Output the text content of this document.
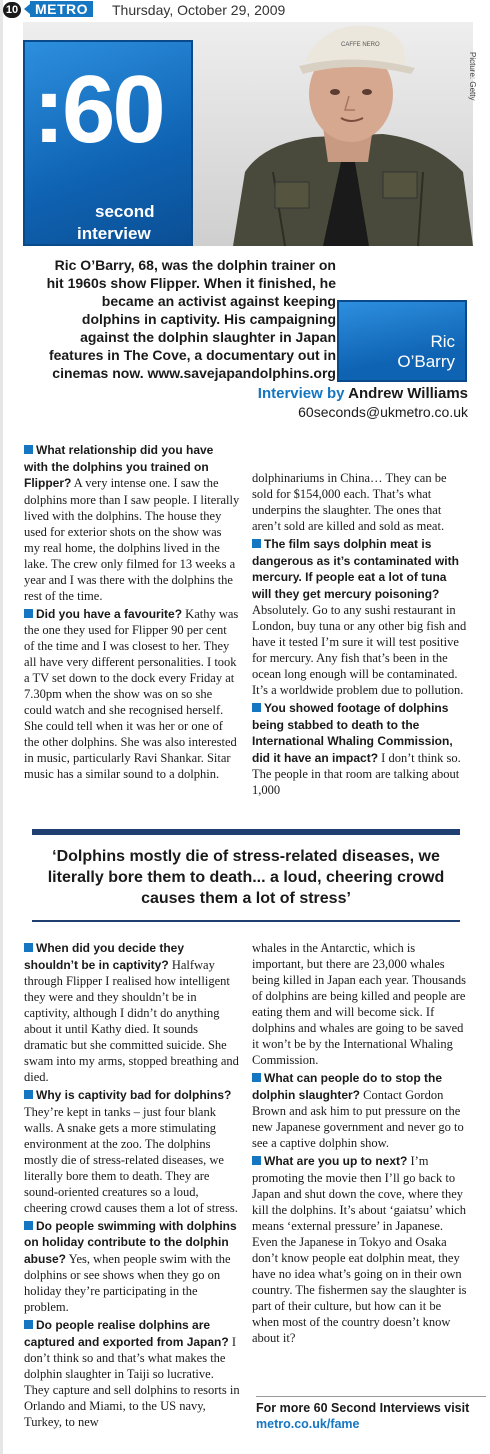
10	METRO	Thursday, October 29, 2009
CAFFE NERO
:60
second
interview
Picture: Getty
Ric O’Barry, 68, was the dolphin trainer on hit 1960s show Flipper. When it finished, he became an activist against keeping dolphins in captivity. His campaigning against the dolphin slaughter in Japan features in The Cove, a documentary out in cinemas now. www.savejapandolphins.org
Ric
O’Barry
Interview by Andrew Williams
60seconds@ukmetro.co.uk

What relationship did you have with the dolphins you trained on Flipper? A very intense one. I saw the dolphins more than I saw people. I literally lived with the dolphins. The house they used for exterior shots on the show was my real home, the dolphins lived in the lake. The crew only filmed for 13 weeks a year and I was there with the dolphins the rest of the time.

Did you have a favourite? Kathy was the one they used for Flipper 90 per cent of the time and I was closest to her. They all have very different personalities. I took a TV set down to the dock every Friday at 7.30pm when the show was on so she could watch and she recognised herself. She could tell when it was her or one of the other dolphins. She was also interested in music, particularly Ravi Shankar. Sitar music has a similar sound to a dolphin.

dolphinariums in China… They can be sold for $154,000 each. That’s what underpins the slaughter. The ones that aren’t sold are killed and sold as meat.

The film says dolphin meat is dangerous as it’s contaminated with mercury. If people eat a lot of tuna will they get mercury poisoning? Absolutely. Go to any sushi restaurant in London, buy tuna or any other big fish and have it tested I’m sure it will test positive for mercury. Any fish that’s been in the ocean long enough will be contaminated. It’s a worldwide problem due to pollution.

You showed footage of dolphins being stabbed to death to the International Whaling Commission, did it have an impact? I don’t think so. The people in that room are talking about 1,000

‘Dolphins mostly die of stress-related diseases, we literally bore them to death... a loud, cheering crowd causes them a lot of stress’

When did you decide they shouldn’t be in captivity? Halfway through Flipper I realised how intelligent they were and they shouldn’t be in captivity, although I didn’t do anything about it until Kathy died. It sounds dramatic but she committed suicide. She swam into my arms, stopped breathing and died.

Why is captivity bad for dolphins? They’re kept in tanks – just four blank walls. A snake gets a more stimulating environment at the zoo. The dolphins mostly die of stress-related diseases, we literally bore them to death. They are sound-oriented creatures so a loud, cheering crowd causes them a lot of stress.

Do people swimming with dolphins on holiday contribute to the dolphin abuse? Yes, when people swim with the dolphins or see shows when they go on holiday they’re participating in the problem.

Do people realise dolphins are captured and exported from Japan? I don’t think so and that’s what makes the dolphin slaughter in Taiji so lucrative. They capture and sell dolphins to resorts in Orlando and Miami, to the US navy, Turkey, to new

whales in the Antarctic, which is important, but there are 23,000 whales being killed in Japan each year. Thousands of dolphins are being killed and people are eating them and will become sick. If dolphins and whales are going to be saved it won’t be by the International Whaling Commission.

What can people do to stop the dolphin slaughter? Contact Gordon Brown and ask him to put pressure on the new Japanese government and never go to see a captive dolphin show.

What are you up to next? I’m promoting the movie then I’ll go back to Japan and shut down the cove, where they kill the dolphins. It’s about ‘gaiatsu’ which means ‘external pressure’ in Japanese. Even the Japanese in Tokyo and Osaka don’t know people eat dolphin meat, they have no idea what’s going on in their own country. The fishermen say the slaughter is part of their culture, but how can it be when most of the country doesn’t know about it?

For more 60 Second Interviews visit metro.co.uk/fame
